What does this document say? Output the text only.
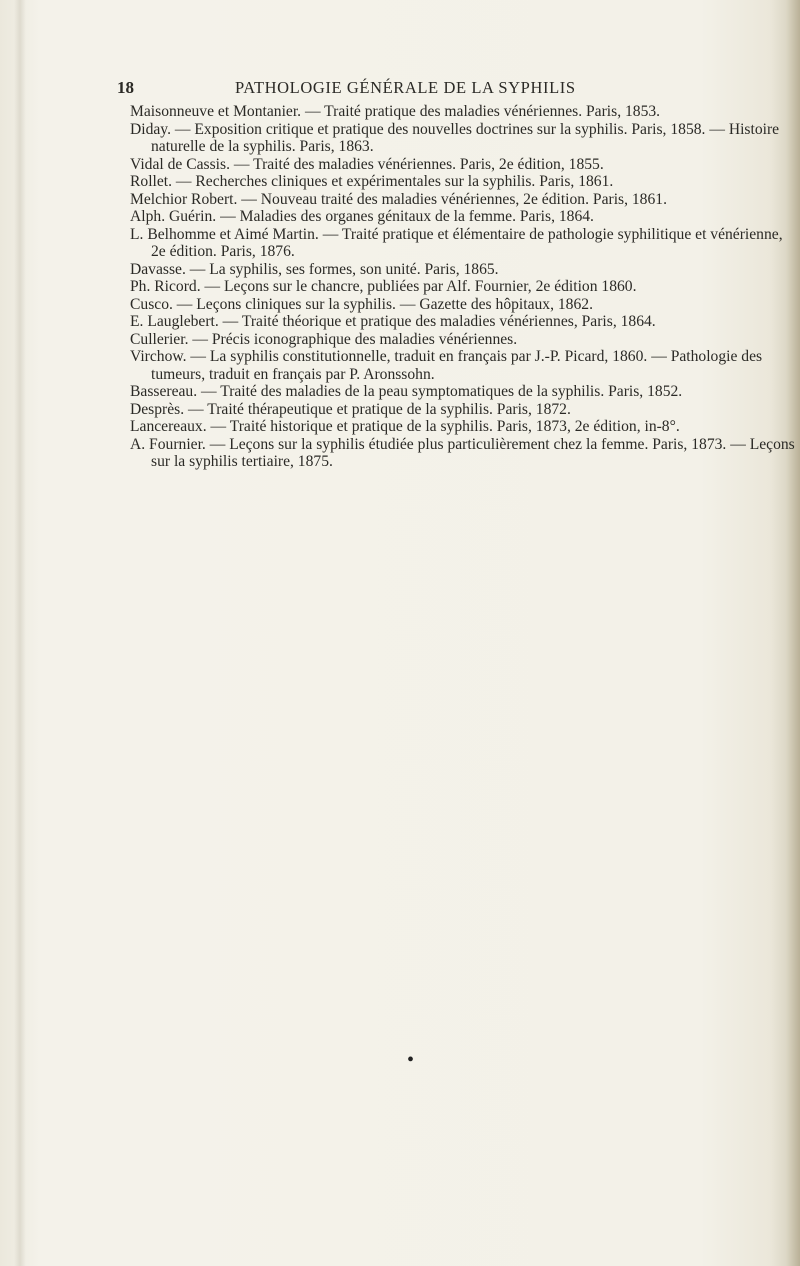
18	PATHOLOGIE GÉNÉRALE DE LA SYPHILIS
Maisonneuve et Montanier. — Traité pratique des maladies vénériennes. Paris, 1853.
Diday. — Exposition critique et pratique des nouvelles doctrines sur la syphilis. Paris, 1858. — Histoire naturelle de la syphilis. Paris, 1863.
Vidal de Cassis. — Traité des maladies vénériennes. Paris, 2e édition, 1855.
Rollet. — Recherches cliniques et expérimentales sur la syphilis. Paris, 1861.
Melchior Robert. — Nouveau traité des maladies vénériennes, 2e édition. Paris, 1861.
Alph. Guérin. — Maladies des organes génitaux de la femme. Paris, 1864.
L. Belhomme et Aimé Martin. — Traité pratique et élémentaire de pathologie syphilitique et vénérienne, 2e édition. Paris, 1876.
Davasse. — La syphilis, ses formes, son unité. Paris, 1865.
Ph. Ricord. — Leçons sur le chancre, publiées par Alf. Fournier, 2e édition 1860.
Cusco. — Leçons cliniques sur la syphilis. — Gazette des hôpitaux, 1862.
E. Lauglebert. — Traité théorique et pratique des maladies vénériennes, Paris, 1864.
Cullerier. — Précis iconographique des maladies vénériennes.
Virchow. — La syphilis constitutionnelle, traduit en français par J.-P. Picard, 1860. — Pathologie des tumeurs, traduit en français par P. Aronssohn.
Bassereau. — Traité des maladies de la peau symptomatiques de la syphilis. Paris, 1852.
Desprès. — Traité thérapeutique et pratique de la syphilis. Paris, 1872.
Lancereaux. — Traité historique et pratique de la syphilis. Paris, 1873, 2e édition, in-8°.
A. Fournier. — Leçons sur la syphilis étudiée plus particulièrement chez la femme. Paris, 1873. — Leçons sur la syphilis tertiaire, 1875.
•
